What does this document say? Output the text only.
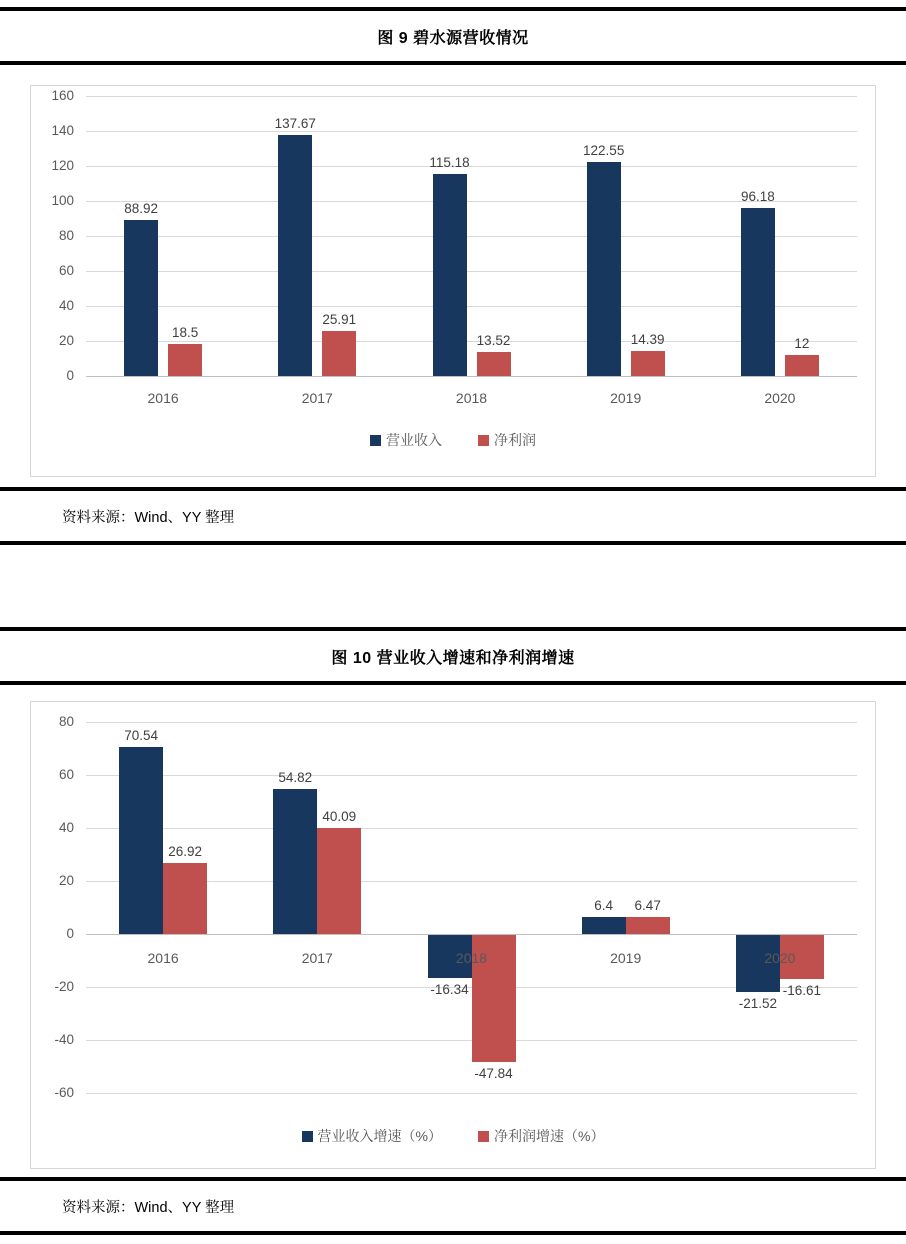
图 9 碧水源营收情况
160
140
120
100
80
60
40
20
0
2016
88.92
18.5
2017
137.67
25.91
2018
115.18
13.52
2019
122.55
14.39
2020
96.18
12
营业收入	净利润
资料来源：Wind、YY 整理
图 10 营业收入增速和净利润增速
80
60
40
20
0
-20
-40
-60
2016
70.54
26.92
2017
54.82
40.09
2018
-16.34
-47.84
2019
6.4	6.47
2020
-21.52
-16.61
营业收入增速（%）	净利润增速（%）
资料来源：Wind、YY 整理
